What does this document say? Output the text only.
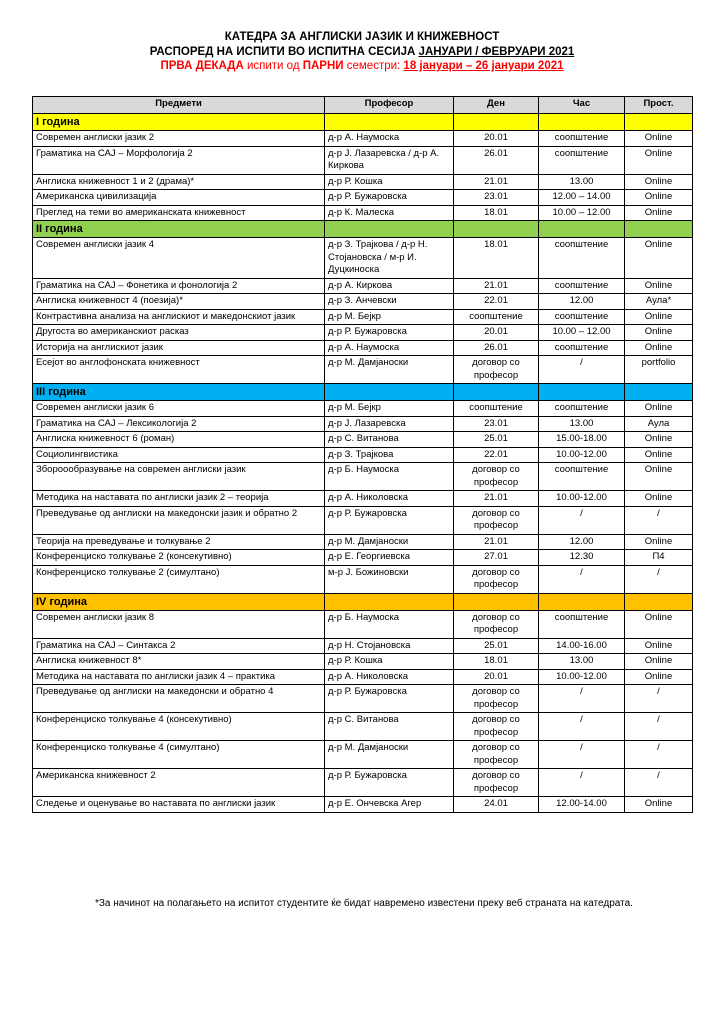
КАТЕДРА ЗА АНГЛИСКИ ЈАЗИК И КНИЖЕВНОСТ
РАСПОРЕД НА ИСПИТИ ВО ИСПИТНА СЕСИЈА ЈАНУАРИ / ФЕВРУАРИ 2021
ПРВА ДЕКАДА испити од ПАРНИ семестри: 18 јануари – 26 јануари 2021
Предмети	Професор	Ден	Час	Прост.
I година				
Современ англиски јазик 2	д-р А. Наумоска	20.01	соопштение	Online
Граматика на САЈ – Морфологија 2	д-р Ј. Лазаревска / д-р А. Киркова	26.01	соопштение	Online
Англиска книжевност 1 и 2 (драма)*	д-р Р. Кошка	21.01	13.00	Online
Американска цивилизација	д-р Р. Бужаровска	23.01	12.00 – 14.00	Online
Преглед на теми во американската книжевност	д-р К. Малеска	18.01	10.00 – 12.00	Online
II година				
Современ англиски јазик 4	д-р З. Трајкова / д-р Н. Стојановска / м-р И. Дуцкиноска	18.01	соопштение	Online
Граматика на САЈ – Фонетика и фонологија 2	д-р А. Киркова	21.01	соопштение	Online
Англиска книжевност 4 (поезија)*	д-р З. Анчевски	22.01	12.00	Аула*
Контрастивна анализа на англискиот и македонскиот јазик	д-р М. Бејкр	соопштение	соопштение	Online
Другоста во американскиот расказ	д-р Р. Бужаровска	20.01	10.00 – 12.00	Online
Историја на англискиот јазик	д-р А. Наумоска	26.01	соопштение	Online
Есејот во англофонската книжевност	д-р М. Дамјаноски	договор со професор	/	portfolio
III година				
Современ англиски јазик 6	д-р М. Бејкр	соопштение	соопштение	Online
Граматика на САЈ – Лексикологија 2	д-р Ј. Лазаревска	23.01	13.00	Аула
Англиска книжевност 6 (роман)	д-р С. Витанова	25.01	15.00-18.00	Online
Социолингвистика	д-р З. Трајкова	22.01	10.00-12.00	Online
Збороообразување на современ англиски јазик	д-р Б. Наумоска	договор со професор	соопштение	Online
Методика на наставата по англиски јазик 2 – теорија	д-р А. Николовска	21.01	10.00-12.00	Online
Преведување од англиски на македонски јазик и обратно 2	д-р Р. Бужаровска	договор со професор	/	/
Теорија на преведување и толкување 2	д-р М. Дамјаноски	21.01	12.00	Online
Конференциско толкување 2 (консекутивно)	д-р Е. Георгиевска	27.01	12.30	П4
Конференциско толкување 2 (симултано)	м-р Ј. Божиновски	договор со професор	/	/
IV година				
Современ англиски јазик 8	д-р Б. Наумоска	договор со професор	соопштение	Online
Граматика на САЈ – Синтакса 2	д-р Н. Стојановска	25.01	14.00-16.00	Online
Англиска книжевност 8*	д-р Р. Кошка	18.01	13.00	Online
Методика на наставата по англиски јазик 4 – практика	д-р А. Николовска	20.01	10.00-12.00	Online
Преведување од англиски на македонски и обратно 4	д-р Р. Бужаровска	договор со професор	/	/
Конференциско толкување 4 (консекутивно)	д-р С. Витанова	договор со професор	/	/
Конференциско толкување 4 (симултано)	д-р М. Дамјаноски	договор со професор	/	/
Американска книжевност 2	д-р Р. Бужаровска	договор со професор	/	/
Следење и оценување во наставата по англиски јазик	д-р Е. Ончевска Агер	24.01	12.00-14.00	Online
*За начинот на полагањето на испитот студентите ќе бидат навремено известени преку веб страната на катедрата.
